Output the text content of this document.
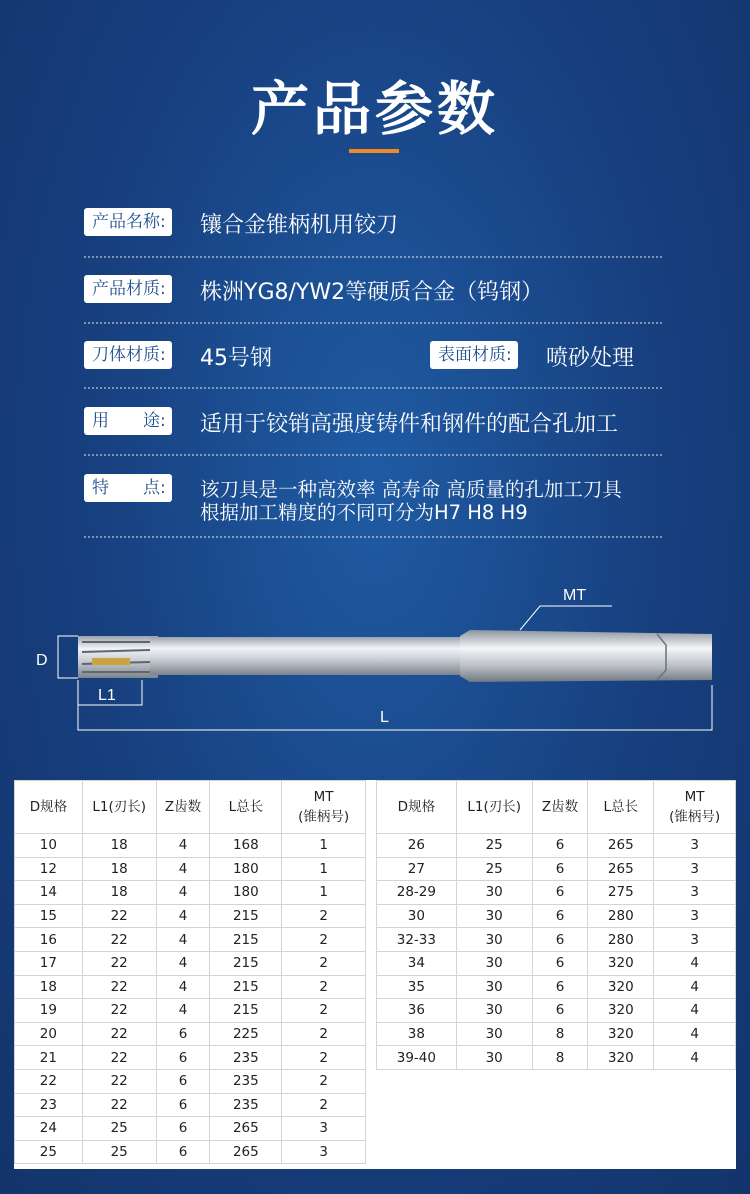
产品参数
产品名称: 镶合金锥柄机用铰刀
产品材质: 株洲YG8/YW2等硬质合金（钨钢）
刀体材质: 45号钢	表面材质: 喷砂处理
用　　途: 适用于铰销高强度铸件和钢件的配合孔加工
特　　点: 该刀具是一种高效率 高寿命 高质量的孔加工刀具
根据加工精度的不同可分为H7 H8 H9
D
L1
L
MT
D规格	L1(刃长)	Z齿数	L总长	MT
(锥柄号)
10	18	4	168	1
12	18	4	180	1
14	18	4	180	1
15	22	4	215	2
16	22	4	215	2
17	22	4	215	2
18	22	4	215	2
19	22	4	215	2
20	22	6	225	2
21	22	6	235	2
22	22	6	235	2
23	22	6	235	2
24	25	6	265	3
25	25	6	265	3
D规格	L1(刃长)	Z齿数	L总长	MT
(锥柄号)
26	25	6	265	3
27	25	6	265	3
28-29	30	6	275	3
30	30	6	280	3
32-33	30	6	280	3
34	30	6	320	4
35	30	6	320	4
36	30	6	320	4
38	30	8	320	4
39-40	30	8	320	4
